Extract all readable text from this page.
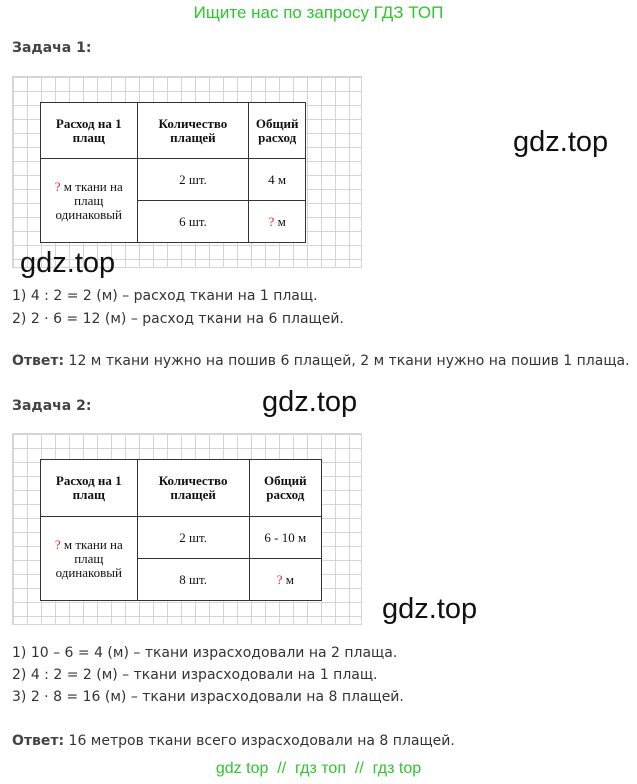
Ищите нас по запросу ГДЗ ТОП
Задача 1:
Расход на 1 плащ	Количество плащей	Общий расход
? м ткани на плащ одинаковый	2 шт.	4 м
	6 шт.	? м
gdz.top
gdz.top
1) 4 : 2 = 2 (м) – расход ткани на 1 плащ.
2) 2 · 6 = 12 (м) – расход ткани на 6 плащей.
Ответ: 12 м ткани нужно на пошив 6 плащей, 2 м ткани нужно на пошив 1 плаща.
Задача 2:	gdz.top
Расход на 1 плащ	Количество плащей	Общий расход
? м ткани на плащ одинаковый	2 шт.	6 - 10 м
	8 шт.	? м
gdz.top
1) 10 – 6 = 4 (м) – ткани израсходовали на 2 плаща.
2) 4 : 2 = 2 (м) – ткани израсходовали на 1 плащ.
3) 2 · 8 = 16 (м) – ткани израсходовали на 8 плащей.
Ответ: 16 метров ткани всего израсходовали на 8 плащей.
gdz top  //  гдз топ  //  гдз top
